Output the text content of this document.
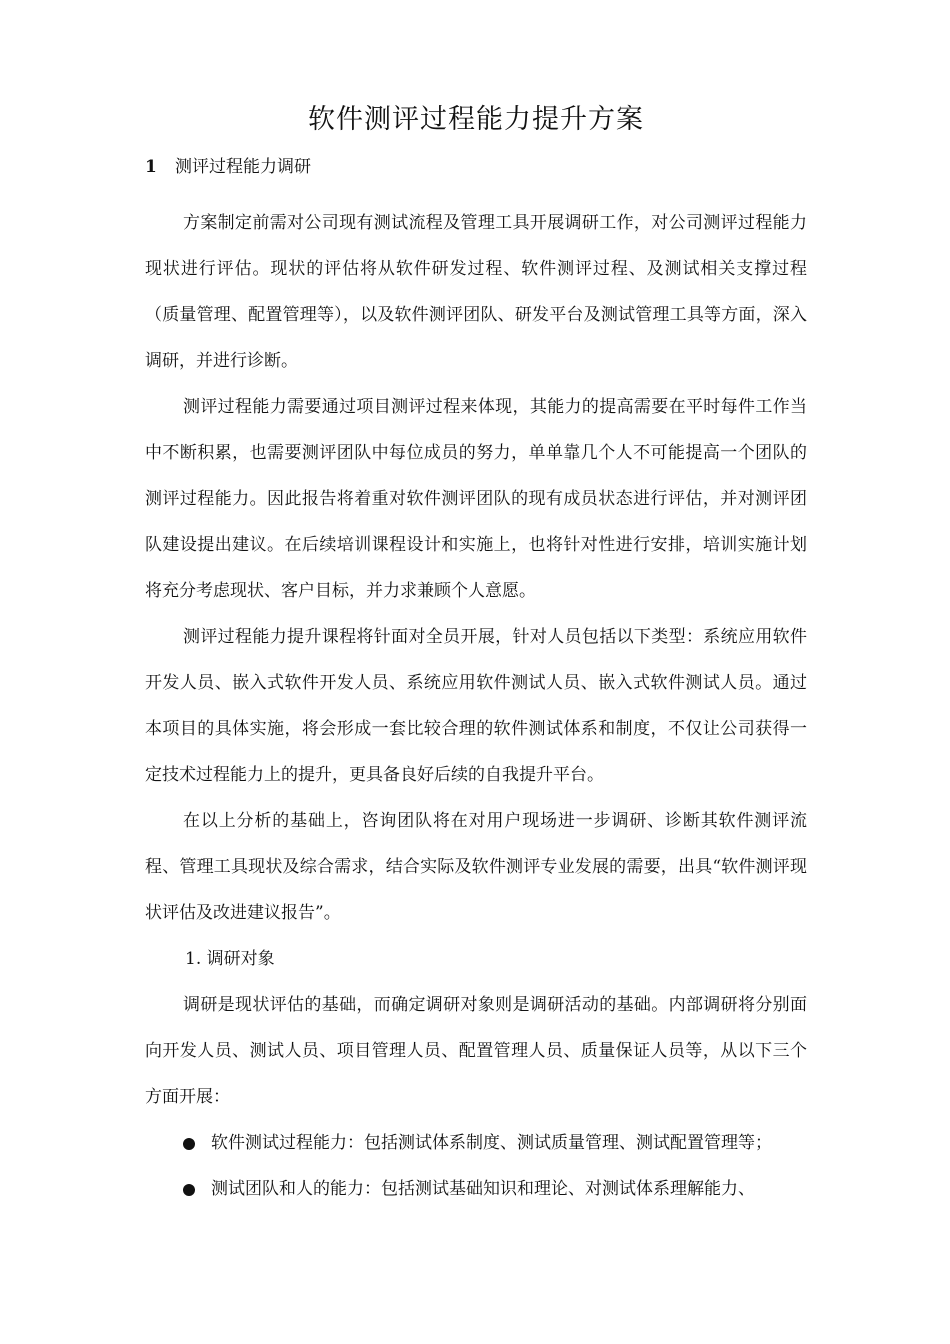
软件测评过程能力提升方案
1 测评过程能力调研

方案制定前需对公司现有测试流程及管理工具开展调研工作，对公司测评过程能力现状进行评估。现状的评估将从软件研发过程、软件测评过程、及测试相关支撑过程（质量管理、配置管理等），以及软件测评团队、研发平台及测试管理工具等方面，深入调研，并进行诊断。

测评过程能力需要通过项目测评过程来体现，其能力的提高需要在平时每件工作当中不断积累，也需要测评团队中每位成员的努力，单单靠几个人不可能提高一个团队的测评过程能力。因此报告将着重对软件测评团队的现有成员状态进行评估，并对测评团队建设提出建议。在后续培训课程设计和实施上，也将针对性进行安排，培训实施计划将充分考虑现状、客户目标，并力求兼顾个人意愿。

测评过程能力提升课程将针面对全员开展，针对人员包括以下类型：系统应用软件开发人员、嵌入式软件开发人员、系统应用软件测试人员、嵌入式软件测试人员。通过本项目的具体实施，将会形成一套比较合理的软件测试体系和制度，不仅让公司获得一定技术过程能力上的提升，更具备良好后续的自我提升平台。

在以上分析的基础上，咨询团队将在对用户现场进一步调研、诊断其软件测评流程、管理工具现状及综合需求，结合实际及软件测评专业发展的需要，出具“软件测评现状评估及改进建议报告”。

1. 调研对象

调研是现状评估的基础，而确定调研对象则是调研活动的基础。内部调研将分别面向开发人员、测试人员、项目管理人员、配置管理人员、质量保证人员等，从以下三个方面开展：

软件测试过程能力：包括测试体系制度、测试质量管理、测试配置管理等；
测试团队和人的能力：包括测试基础知识和理论、对测试体系理解能力、
